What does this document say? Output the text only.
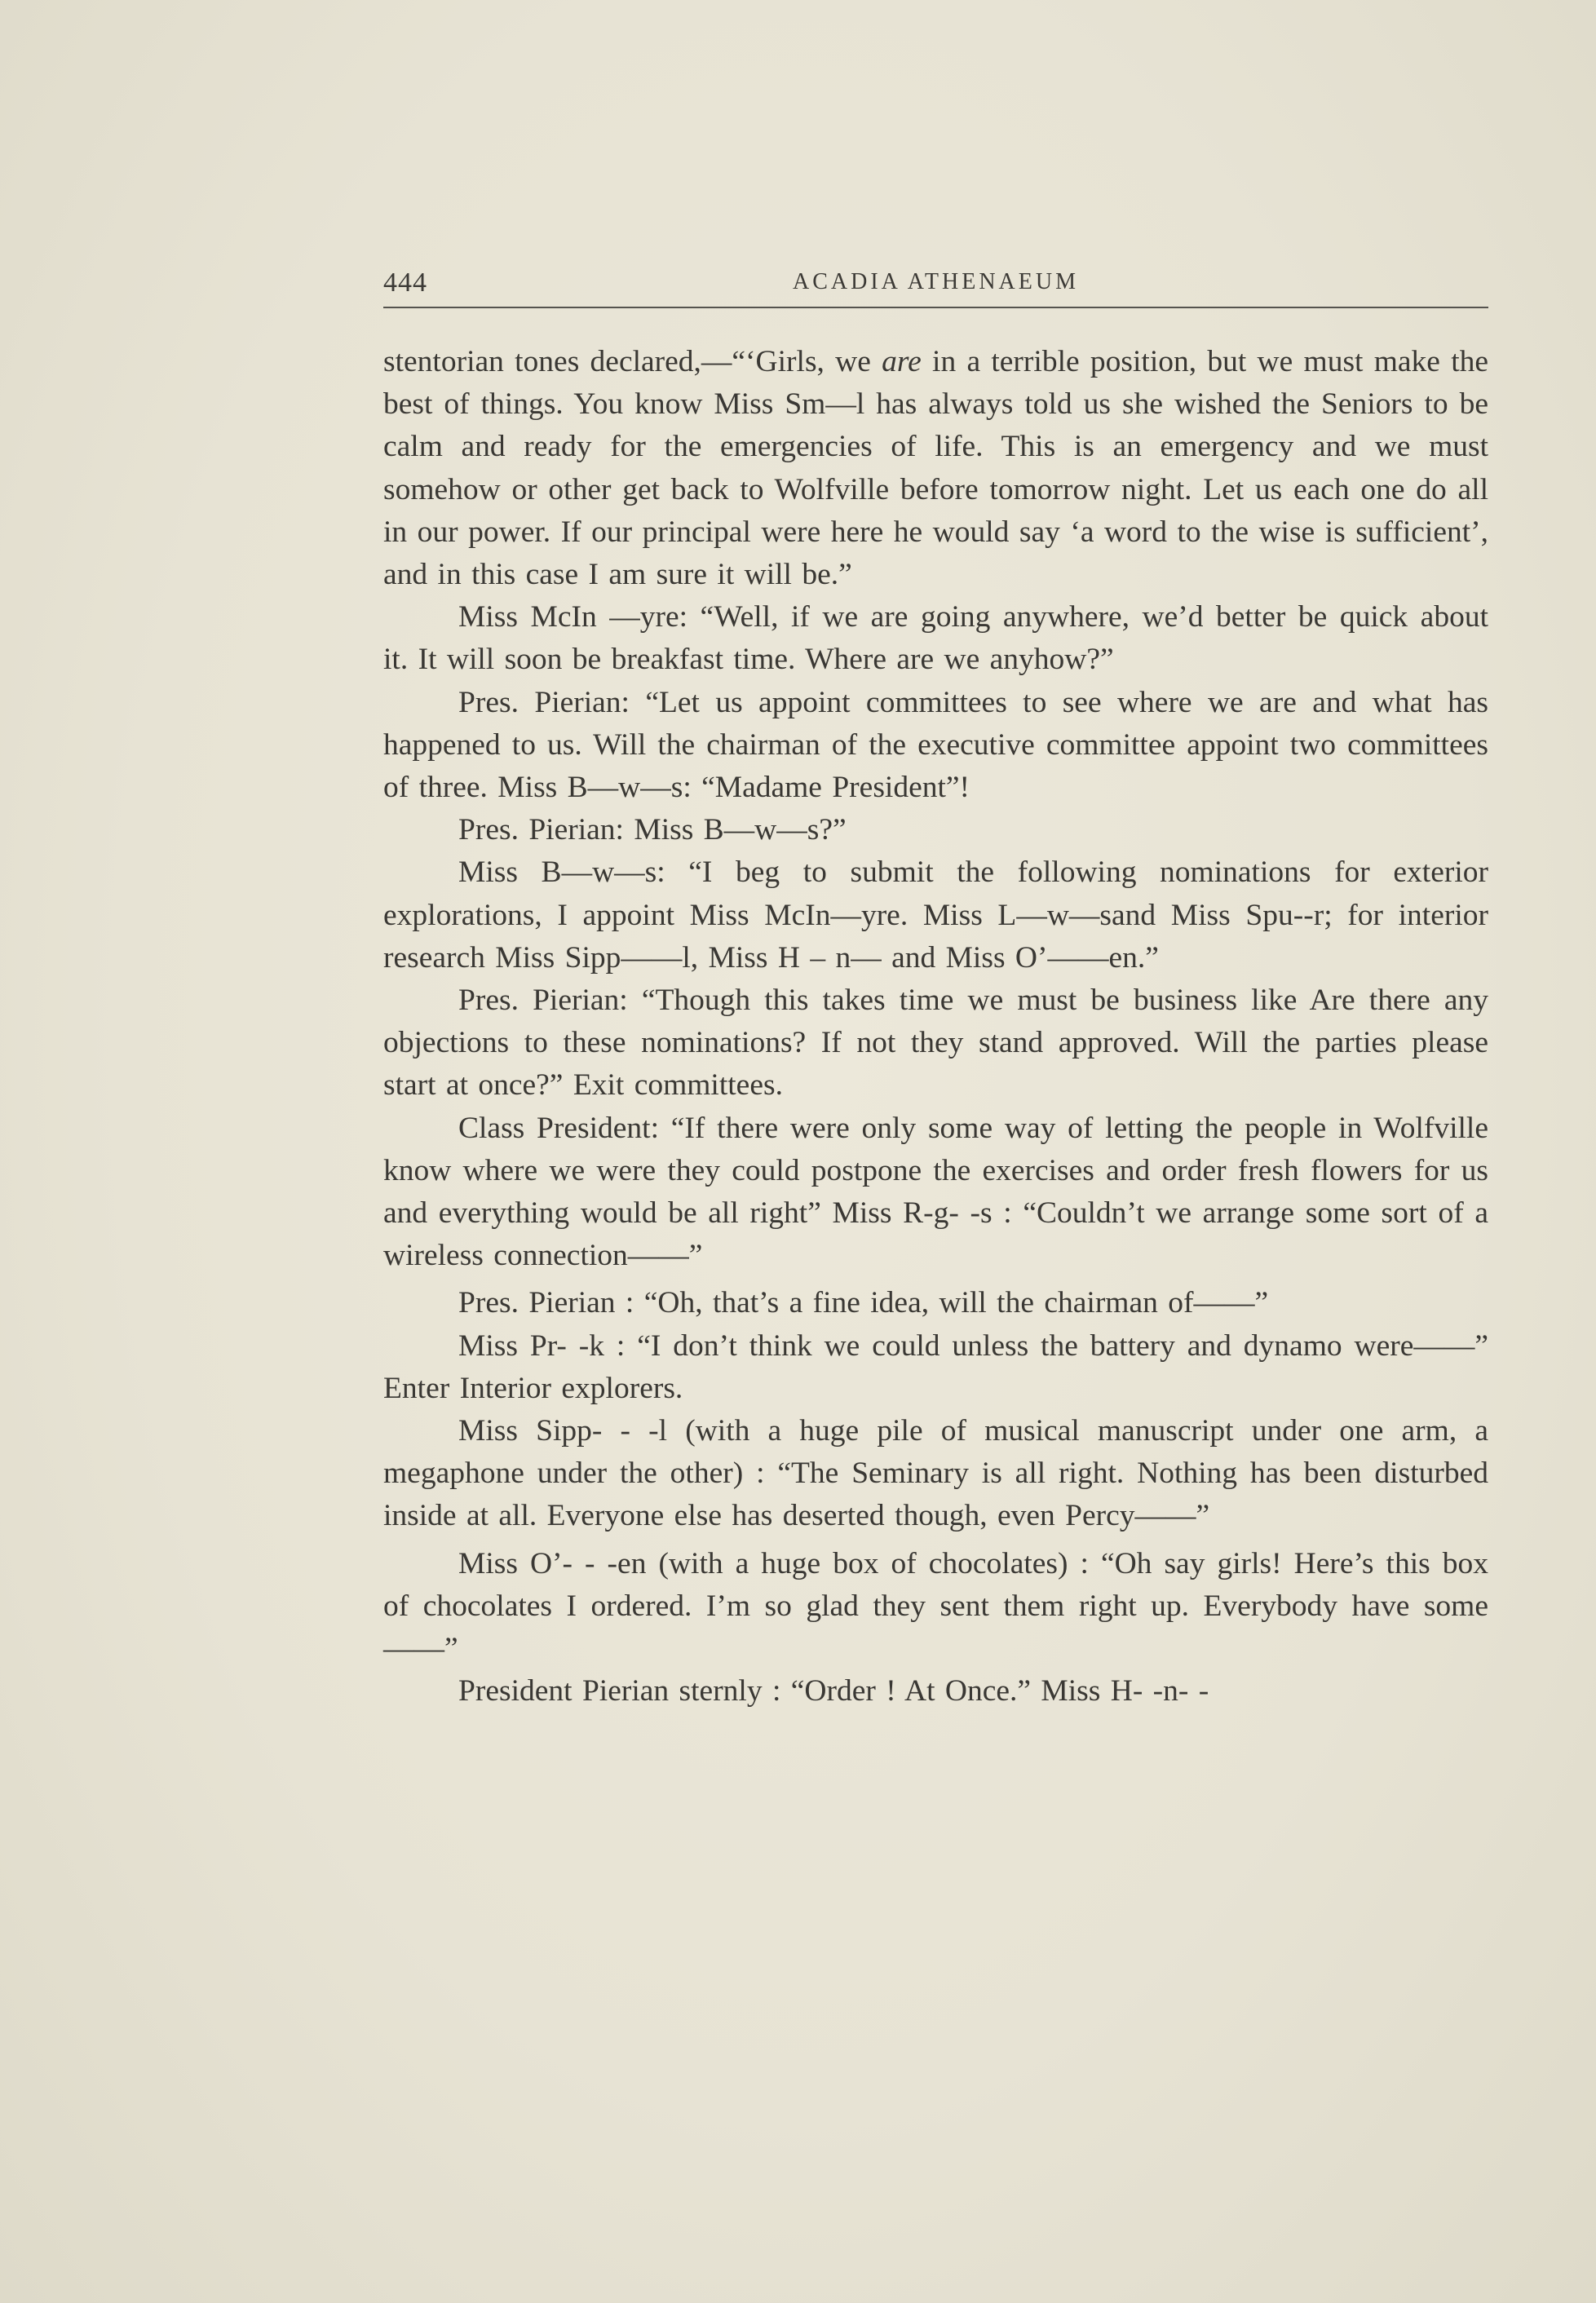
444	ACADIA ATHENAEUM

stentorian tones declared,—“‘Girls, we are in a terrible position, but we must make the best of things. You know Miss Sm—l has always told us she wished the Seniors to be calm and ready for the emergencies of life. This is an emergency and we must somehow or other get back to Wolfville before tomorrow night. Let us each one do all in our power. If our principal were here he would say ‘a word to the wise is sufficient’, and in this case I am sure it will be.”

Miss McIn —yre: “Well, if we are going anywhere, we’d better be quick about it. It will soon be breakfast time. Where are we anyhow?”

Pres. Pierian: “Let us appoint committees to see where we are and what has happened to us. Will the chairman of the executive committee appoint two committees of three. Miss B—w—s: “Madame President”!

Pres. Pierian: Miss B—w—s?”

Miss B—w—s: “I beg to submit the following nominations for exterior explorations, I appoint Miss McIn—yre. Miss L—w—sand Miss Spu--r; for interior research Miss Sipp——l, Miss H – n— and Miss O’——en.”

Pres. Pierian: “Though this takes time we must be business like Are there any objections to these nominations? If not they stand approved. Will the parties please start at once?” Exit committees.

Class President: “If there were only some way of letting the people in Wolfville know where we were they could postpone the exercises and order fresh flowers for us and everything would be all right” Miss R-g- -s : “Couldn’t we arrange some sort of a wireless connection——”

Pres. Pierian : “Oh, that’s a fine idea, will the chairman of——”

Miss Pr- -k : “I don’t think we could unless the battery and dynamo were——” Enter Interior explorers.

Miss Sipp- - -l (with a huge pile of musical manuscript under one arm, a megaphone under the other) : “The Seminary is all right. Nothing has been disturbed inside at all. Everyone else has deserted though, even Percy——”

Miss O’- - -en (with a huge box of chocolates) : “Oh say girls! Here’s this box of chocolates I ordered. I’m so glad they sent them right up. Everybody have some——”

President Pierian sternly : “Order ! At Once.” Miss H- -n- -
